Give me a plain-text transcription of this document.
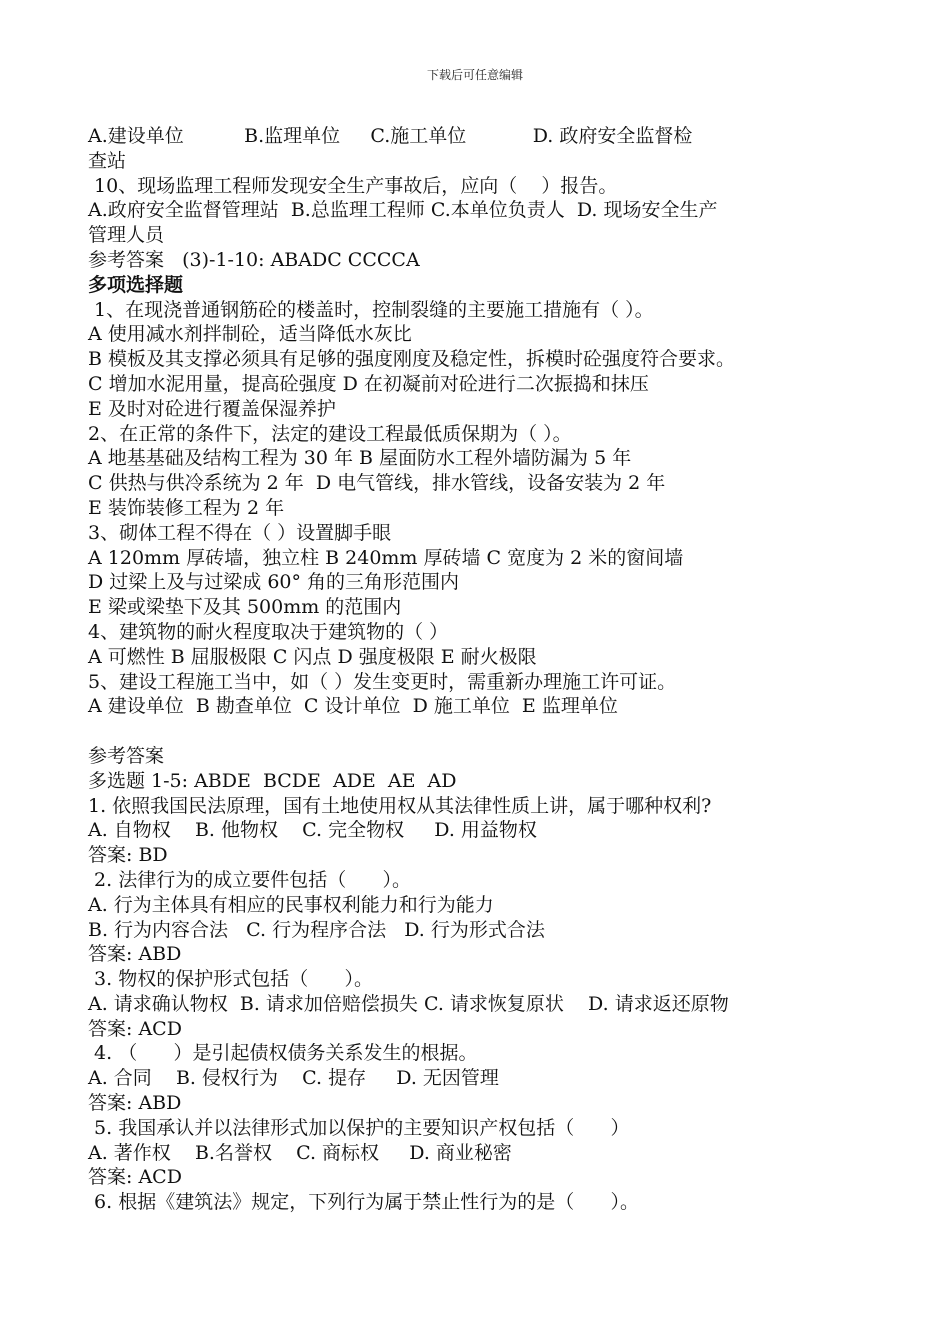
下载后可任意编辑
A.建设单位          B.监理单位     C.施工单位           D. 政府安全监督检
查站
10、现场监理工程师发现安全生产事故后，应向（    ）报告。
A.政府安全监督管理站  B.总监理工程师 C.本单位负责人  D. 现场安全生产
管理人员
参考答案   (3)-1-10: ABADC CCCCA
多项选择题
1、在现浇普通钢筋砼的楼盖时，控制裂缝的主要施工措施有（ ）。
A 使用减水剂拌制砼，适当降低水灰比
B 模板及其支撑必须具有足够的强度刚度及稳定性，拆模时砼强度符合要求。
C 增加水泥用量，提高砼强度 D 在初凝前对砼进行二次振捣和抹压
E 及时对砼进行覆盖保湿养护
2、在正常的条件下，法定的建设工程最低质保期为（ ）。
A 地基基础及结构工程为 30 年 B 屋面防水工程外墙防漏为 5 年
C 供热与供冷系统为 2 年  D 电气管线，排水管线，设备安装为 2 年
E 装饰装修工程为 2 年
3、砌体工程不得在（ ）设置脚手眼
A 120mm 厚砖墙，独立柱 B 240mm 厚砖墙 C 宽度为 2 米的窗间墙
D 过梁上及与过梁成 60° 角的三角形范围内
E 梁或梁垫下及其 500mm 的范围内
4、建筑物的耐火程度取决于建筑物的（ ）
A 可燃性 B 屈服极限 C 闪点 D 强度极限 E 耐火极限
5、建设工程施工当中，如（ ）发生变更时，需重新办理施工许可证。
A 建设单位  B 勘查单位  C 设计单位  D 施工单位  E 监理单位
参考答案
多选题 1-5: ABDE  BCDE  ADE  AE  AD
1. 依照我国民法原理，国有土地使用权从其法律性质上讲，属于哪种权利?
A. 自物权    B. 他物权    C. 完全物权     D. 用益物权
答案: BD
2. 法律行为的成立要件包括（      ）。
A. 行为主体具有相应的民事权利能力和行为能力
B. 行为内容合法   C. 行为程序合法   D. 行为形式合法
答案: ABD
3. 物权的保护形式包括（      ）。
A. 请求确认物权  B. 请求加倍赔偿损失 C. 请求恢复原状    D. 请求返还原物
答案: ACD
4. （      ）是引起债权债务关系发生的根据。
A. 合同    B. 侵权行为    C. 提存     D. 无因管理
答案: ABD
5. 我国承认并以法律形式加以保护的主要知识产权包括（      ）
A. 著作权    B.名誉权    C. 商标权     D. 商业秘密
答案: ACD
6. 根据《建筑法》规定，下列行为属于禁止性行为的是（      ）。
